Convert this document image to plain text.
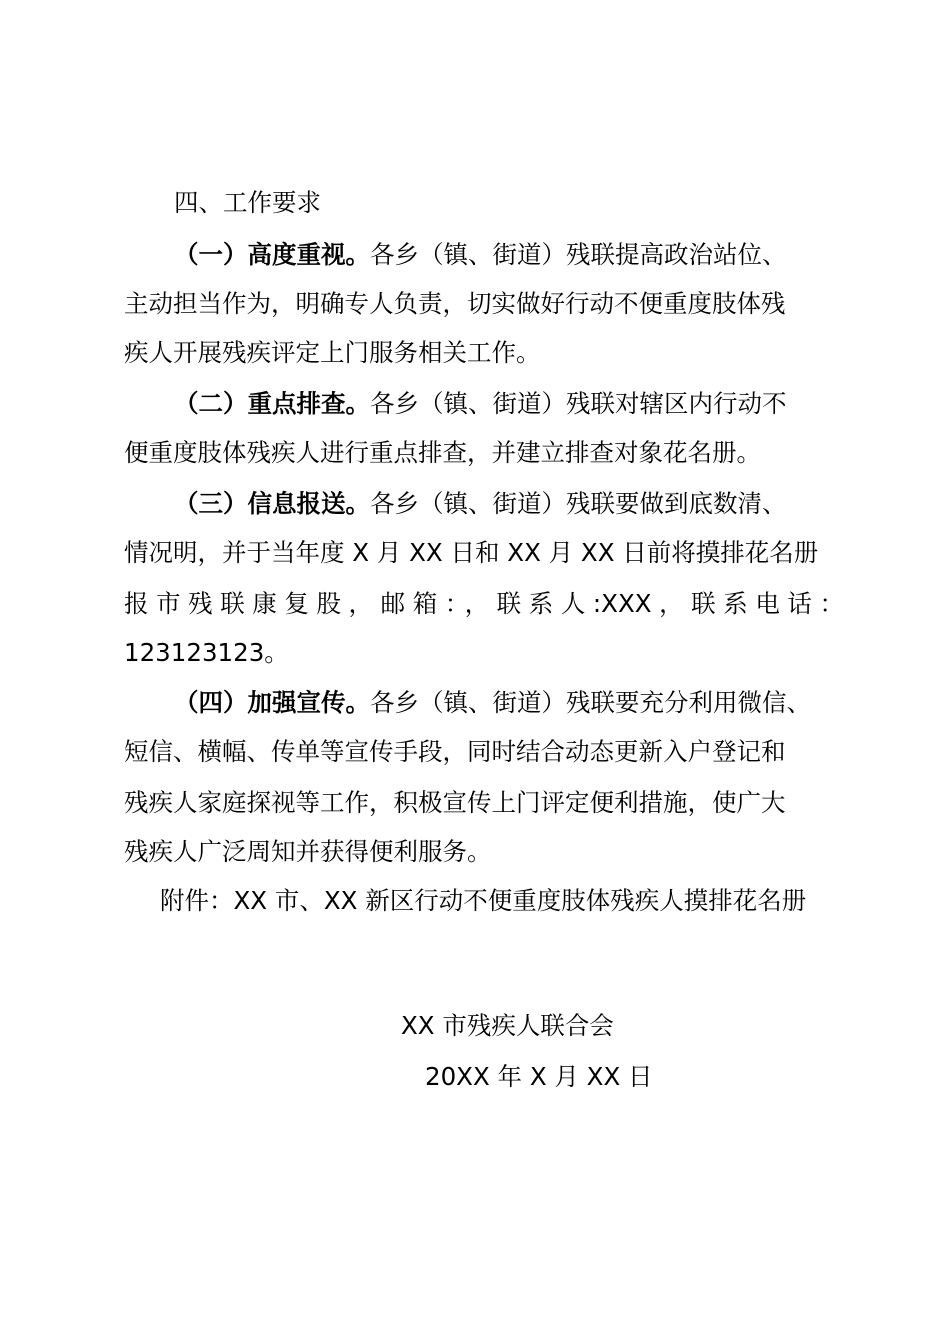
四、工作要求

（一）高度重视。各乡（镇、街道）残联提高政治站位、

主动担当作为，明确专人负责，切实做好行动不便重度肢体残

疾人开展残疾评定上门服务相关工作。

（二）重点排查。各乡（镇、街道）残联对辖区内行动不

便重度肢体残疾人进行重点排查，并建立排查对象花名册。

（三）信息报送。各乡（镇、街道）残联要做到底数清、

情况明，并于当年度 X 月 XX 日和 XX 月 XX 日前将摸排花名册

报市残联康复股，邮箱：，联系人:XXX，联系电话：

123123123。

（四）加强宣传。各乡（镇、街道）残联要充分利用微信、

短信、横幅、传单等宣传手段，同时结合动态更新入户登记和

残疾人家庭探视等工作，积极宣传上门评定便利措施，使广大

残疾人广泛周知并获得便利服务。

附件：XX 市、XX 新区行动不便重度肢体残疾人摸排花名册

XX 市残疾人联合会

20XX 年 X 月 XX 日
